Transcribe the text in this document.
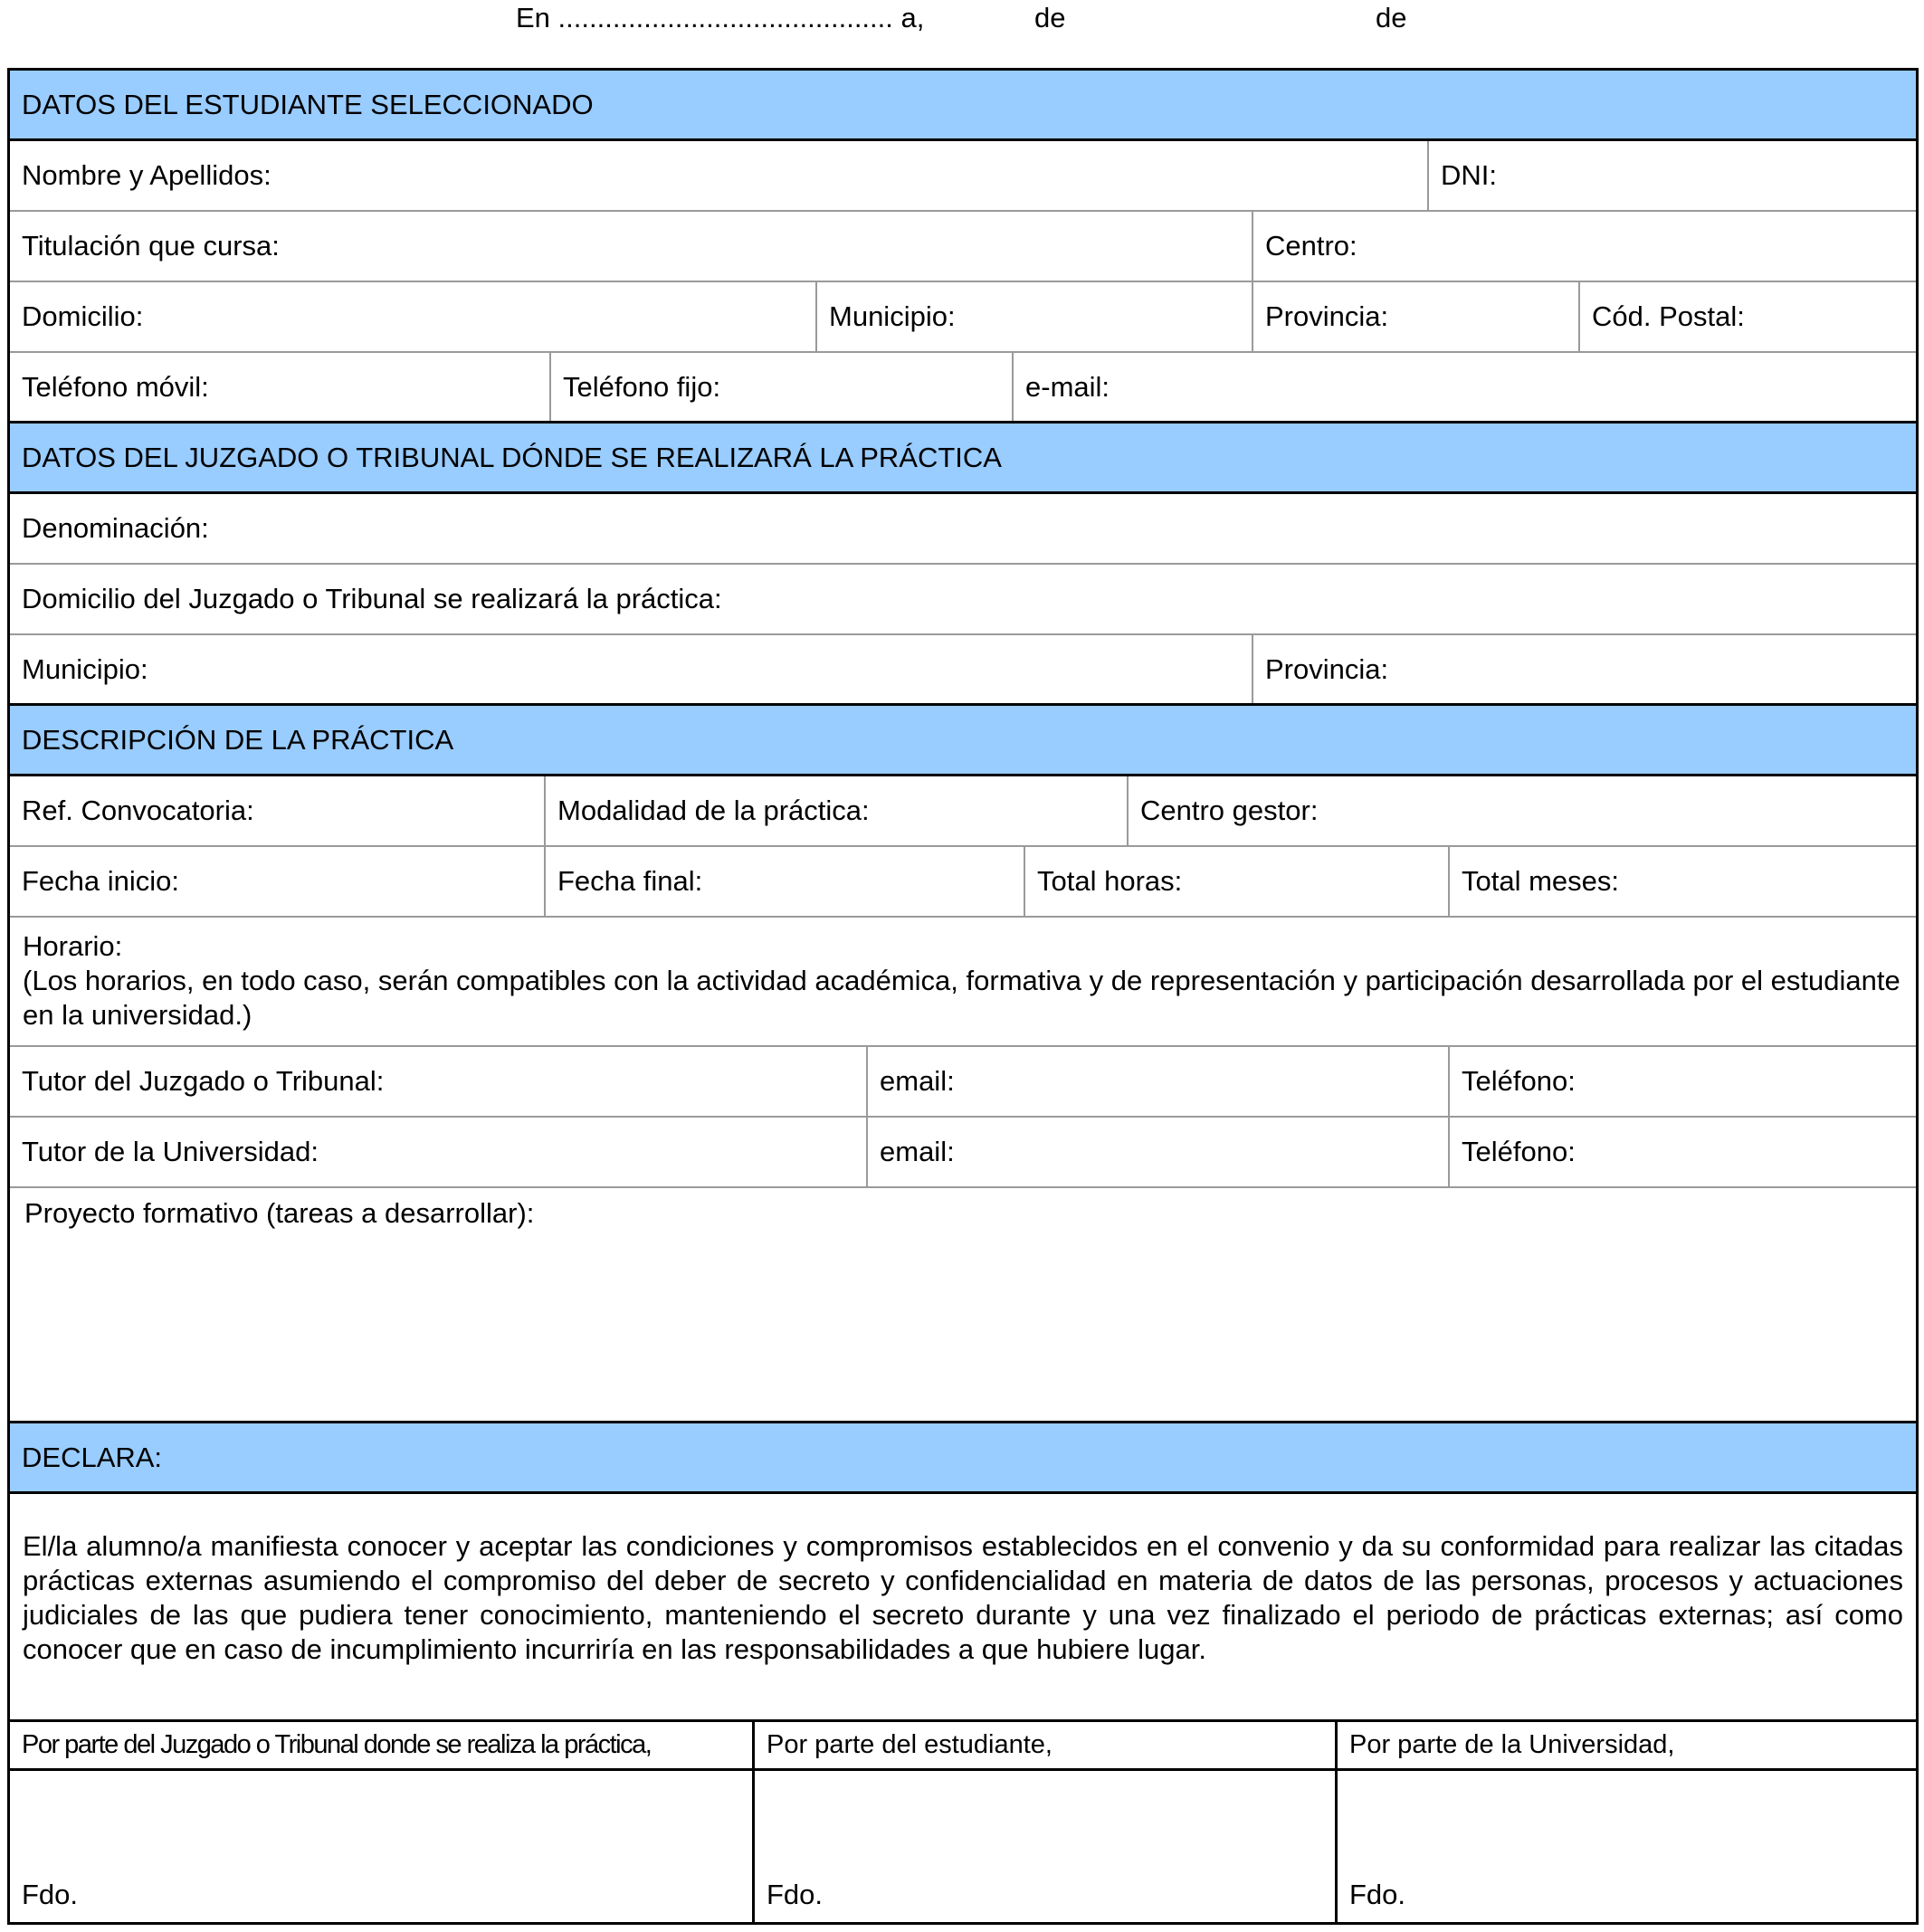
En ........................................... a,	de	de
DATOS DEL ESTUDIANTE SELECCIONADO
Nombre y Apellidos:	DNI:
Titulación que cursa:	Centro:
Domicilio:	Municipio:	Provincia:	Cód. Postal:
Teléfono móvil:	Teléfono fijo:	e-mail:
DATOS DEL JUZGADO O TRIBUNAL DÓNDE SE REALIZARÁ LA PRÁCTICA
Denominación:
Domicilio del Juzgado o Tribunal se realizará la práctica:
Municipio:	Provincia:
DESCRIPCIÓN DE LA PRÁCTICA
Ref. Convocatoria:	Modalidad de la práctica:	Centro gestor:
Fecha inicio:	Fecha final:	Total horas:	Total meses:
Horario:
(Los horarios, en todo caso, serán compatibles con la actividad académica, formativa y de representación y participación desarrollada por el estudiante en la universidad.)
Tutor del Juzgado o Tribunal:	email:	Teléfono:
Tutor de la Universidad:	email:	Teléfono:
Proyecto formativo (tareas a desarrollar):
DECLARA:
El/la alumno/a manifiesta conocer y aceptar las condiciones y compromisos establecidos en el convenio y da su conformidad para realizar las citadas prácticas externas asumiendo el compromiso del deber de secreto y confidencialidad en materia de datos de las personas, procesos y actuaciones judiciales de las que pudiera tener conocimiento, manteniendo el secreto durante y una vez finalizado el periodo de prácticas externas; así como conocer que en caso de incumplimiento incurriría en las responsabilidades a que hubiere lugar.
Por parte del Juzgado o Tribunal donde se realiza la práctica,	Por parte del estudiante,	Por parte de la Universidad,
Fdo.	Fdo.	Fdo.
